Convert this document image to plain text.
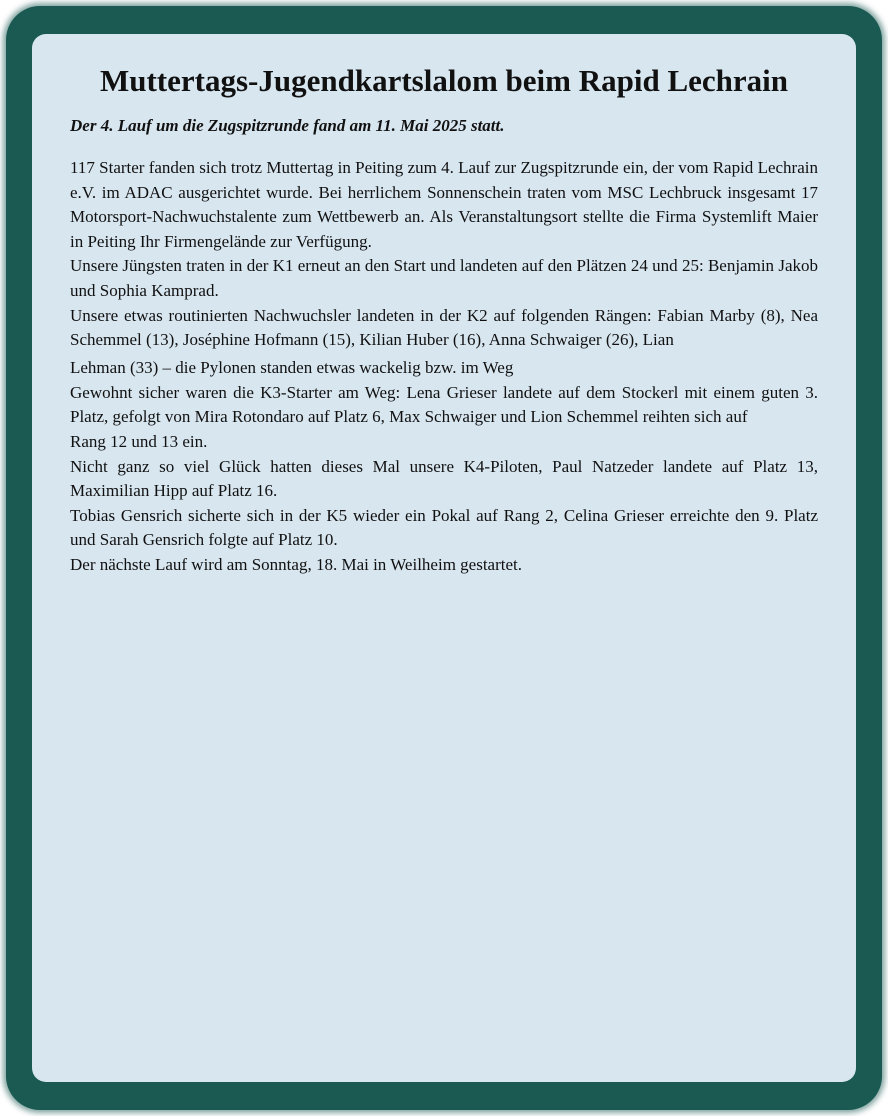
Muttertags-Jugendkartslalom beim Rapid Lechrain
Der 4. Lauf um die Zugspitzrunde fand am 11. Mai 2025 statt.

117 Starter fanden sich trotz Muttertag in Peiting zum 4. Lauf zur Zugspitzrunde ein, der vom Rapid Lechrain e.V. im ADAC ausgerichtet wurde. Bei herrlichem Sonnenschein traten vom MSC Lechbruck insgesamt 17 Motorsport-Nachwuchstalente zum Wettbewerb an. Als Veranstaltungsort stellte die Firma Systemlift Maier in Peiting Ihr Firmengelände zur Verfügung.

Unsere Jüngsten traten in der K1 erneut an den Start und landeten auf den Plätzen 24 und 25: Benjamin Jakob und Sophia Kamprad.

Unsere etwas routinierten Nachwuchsler landeten in der K2 auf folgenden Rängen: Fabian Marby (8), Nea Schemmel (13), Joséphine Hofmann (15), Kilian Huber (16), Anna Schwaiger (26), Lian

Lehman (33) – die Pylonen standen etwas wackelig bzw. im Weg

Gewohnt sicher waren die K3-Starter am Weg: Lena Grieser landete auf dem Stockerl mit einem guten 3. Platz, gefolgt von Mira Rotondaro auf Platz 6, Max Schwaiger und Lion Schemmel reihten sich auf

Rang 12 und 13 ein.

Nicht ganz so viel Glück hatten dieses Mal unsere K4-Piloten, Paul Natzeder landete auf Platz 13, Maximilian Hipp auf Platz 16.

Tobias Gensrich sicherte sich in der K5 wieder ein Pokal auf Rang 2, Celina Grieser erreichte den 9. Platz und Sarah Gensrich folgte auf Platz 10.

Der nächste Lauf wird am Sonntag, 18. Mai in Weilheim gestartet.
